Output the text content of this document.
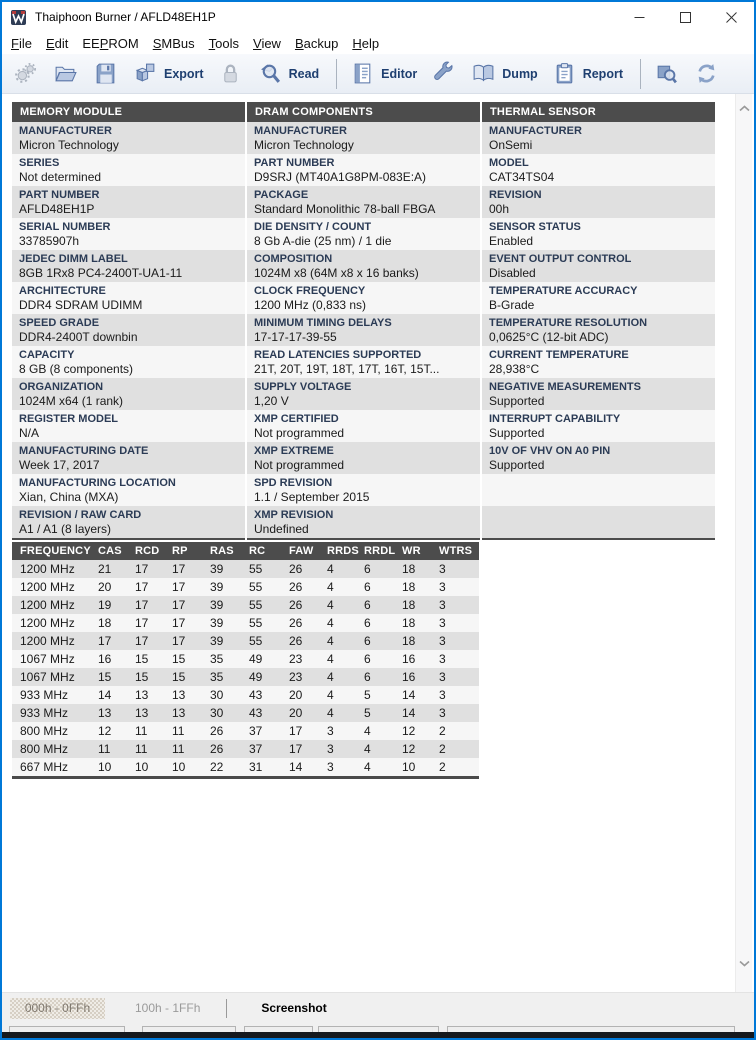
Thaiphoon Burner / AFLD48EH1P
File	Edit	EEPROM	SMBus	Tools	View	Backup	Help
Export	Read	Editor	Dump	Report
MEMORY MODULE
MANUFACTURER
Micron Technology
SERIES
Not determined
PART NUMBER
AFLD48EH1P
SERIAL NUMBER
33785907h
JEDEC DIMM LABEL
8GB 1Rx8 PC4-2400T-UA1-11
ARCHITECTURE
DDR4 SDRAM UDIMM
SPEED GRADE
DDR4-2400T downbin
CAPACITY
8 GB (8 components)
ORGANIZATION
1024M x64 (1 rank)
REGISTER MODEL
N/A
MANUFACTURING DATE
Week 17, 2017
MANUFACTURING LOCATION
Xian, China (MXA)
REVISION / RAW CARD
A1 / A1 (8 layers)
DRAM COMPONENTS
MANUFACTURER
Micron Technology
PART NUMBER
D9SRJ (MT40A1G8PM-083E:A)
PACKAGE
Standard Monolithic 78-ball FBGA
DIE DENSITY / COUNT
8 Gb A-die (25 nm) / 1 die
COMPOSITION
1024M x8 (64M x8 x 16 banks)
CLOCK FREQUENCY
1200 MHz (0,833 ns)
MINIMUM TIMING DELAYS
17-17-17-39-55
READ LATENCIES SUPPORTED
21T, 20T, 19T, 18T, 17T, 16T, 15T...
SUPPLY VOLTAGE
1,20 V
XMP CERTIFIED
Not programmed
XMP EXTREME
Not programmed
SPD REVISION
1.1 / September 2015
XMP REVISION
Undefined
THERMAL SENSOR
MANUFACTURER
OnSemi
MODEL
CAT34TS04
REVISION
00h
SENSOR STATUS
Enabled
EVENT OUTPUT CONTROL
Disabled
TEMPERATURE ACCURACY
B-Grade
TEMPERATURE RESOLUTION
0,0625°C (12-bit ADC)
CURRENT TEMPERATURE
28,938°C
NEGATIVE MEASUREMENTS
Supported
INTERRUPT CAPABILITY
Supported
10V OF VHV ON A0 PIN
Supported
FREQUENCY	CAS	RCD	RP	RAS	RC	FAW	RRDS	RRDL	WR	WTRS
1200 MHz	21	17	17	39	55	26	4	6	18	3
1200 MHz	20	17	17	39	55	26	4	6	18	3
1200 MHz	19	17	17	39	55	26	4	6	18	3
1200 MHz	18	17	17	39	55	26	4	6	18	3
1200 MHz	17	17	17	39	55	26	4	6	18	3
1067 MHz	16	15	15	35	49	23	4	6	16	3
1067 MHz	15	15	15	35	49	23	4	6	16	3
933 MHz	14	13	13	30	43	20	4	5	14	3
933 MHz	13	13	13	30	43	20	4	5	14	3
800 MHz	12	11	11	26	37	17	3	4	12	2
800 MHz	11	11	11	26	37	17	3	4	12	2
667 MHz	10	10	10	22	31	14	3	4	10	2
000h - 0FFh	100h - 1FFh	Screenshot
